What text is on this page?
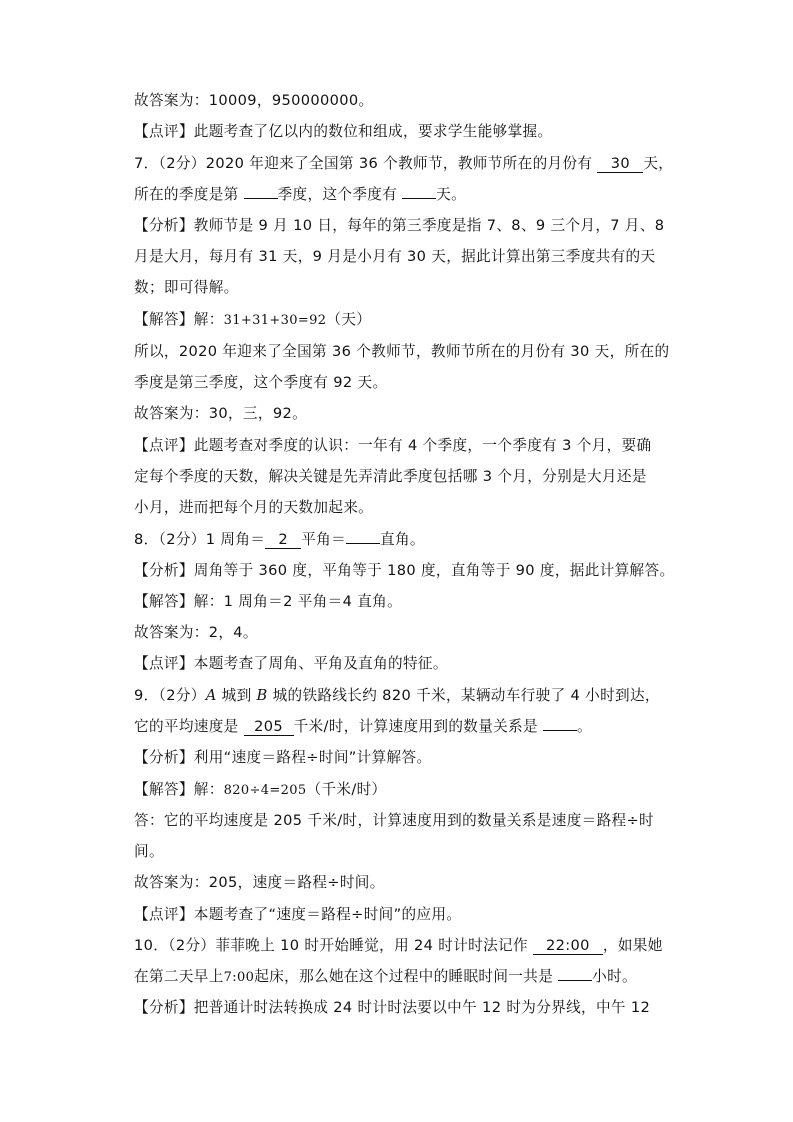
故答案为：10009，950000000。
【点评】此题考查了亿以内的数位和组成，要求学生能够掌握。
7．（2分）2020 年迎来了全国第 36 个教师节，教师节所在的月份有 30 天，
所在的季度是第 季度，这个季度有 天。
【分析】教师节是 9 月 10 日，每年的第三季度是指 7、8、9 三个月，7 月、8
月是大月，每月有 31 天，9 月是小月有 30 天，据此计算出第三季度共有的天
数；即可得解。
【解答】解：31+31+30=92（天）
所以，2020 年迎来了全国第 36 个教师节，教师节所在的月份有 30 天，所在的
季度是第三季度，这个季度有 92 天。
故答案为：30，三，92。
【点评】此题考查对季度的认识：一年有 4 个季度，一个季度有 3 个月，要确
定每个季度的天数，解决关键是先弄清此季度包括哪 3 个月，分别是大月还是
小月，进而把每个月的天数加起来。
8．（2分）1 周角＝ 2 平角＝ 直角。
【分析】周角等于 360 度，平角等于 180 度，直角等于 90 度，据此计算解答。
【解答】解：1 周角＝2 平角＝4 直角。
故答案为：2，4。
【点评】本题考查了周角、平角及直角的特征。
9．（2分）A 城到 B 城的铁路线长约 820 千米，某辆动车行驶了 4 小时到达，
它的平均速度是 205 千米/时，计算速度用到的数量关系是 。
【分析】利用“速度＝路程÷时间”计算解答。
【解答】解：820÷4=205（千米/时）
答：它的平均速度是 205 千米/时，计算速度用到的数量关系是速度＝路程÷时
间。
故答案为：205，速度＝路程÷时间。
【点评】本题考查了“速度＝路程÷时间”的应用。
10．（2分）菲菲晚上 10 时开始睡觉，用 24 时计时法记作 22:00 ，如果她
在第二天早上7:00起床，那么她在这个过程中的睡眠时间一共是 小时。
【分析】把普通计时法转换成 24 时计时法要以中午 12 时为分界线，中午 12
